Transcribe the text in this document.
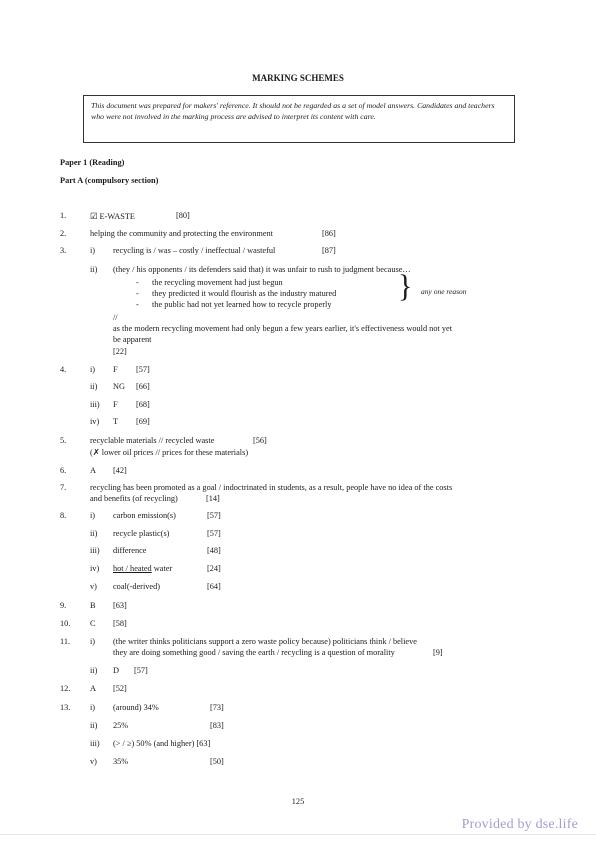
MARKING SCHEMES
This document was prepared for makers' reference. It should not be regarded as a set of model answers. Candidates and teachers who were not involved in the marking process are advised to interpret its content with care.
Paper 1 (Reading)
Part A (compulsory section)
1.	☑ E-WASTE	[80]
2.	helping the community and protecting the environment	[86]
3.	i) recycling is / was – costly / ineffectual / wasteful	[87]
ii) (they / his opponents / its defenders said that) it was unfair to rush to judgment because…
- the recycling movement had just begun
- they predicted it would flourish as the industry matured
- the public had not yet learned how to recycle properly
} any one reason
//
as the modern recycling movement had only begun a few years earlier, it's effectiveness would not yet
be apparent
[22]
4.	i) F [57]
ii) NG [66]
iii) F [68]
iv) T [69]
5.	recyclable materials // recycled waste	[56]
(✗ lower oil prices // prices for these materials)
6.	A [42]
7.	recycling has been promoted as a goal / indoctrinated in students, as a result, people have no idea of the costs
and benefits (of recycling)	[14]
8.	i) carbon emission(s)	[57]
ii) recycle plastic(s)	[57]
iii) difference	[48]
iv) hot / heated water	[24]
v) coal(-derived)	[64]
9.	B [63]
10. C [58]
11. i) (the writer thinks politicians support a zero waste policy because) politicians think / believe
they are doing something good / saving the earth / recycling is a question of morality	[9]
ii) D [57]
12. A [52]
13. i) (around) 34%	[73]
ii) 25%	[83]
iii) (> / ≥) 50% (and higher) [63]
v) 35%	[50]
125
Provided by dse.life
